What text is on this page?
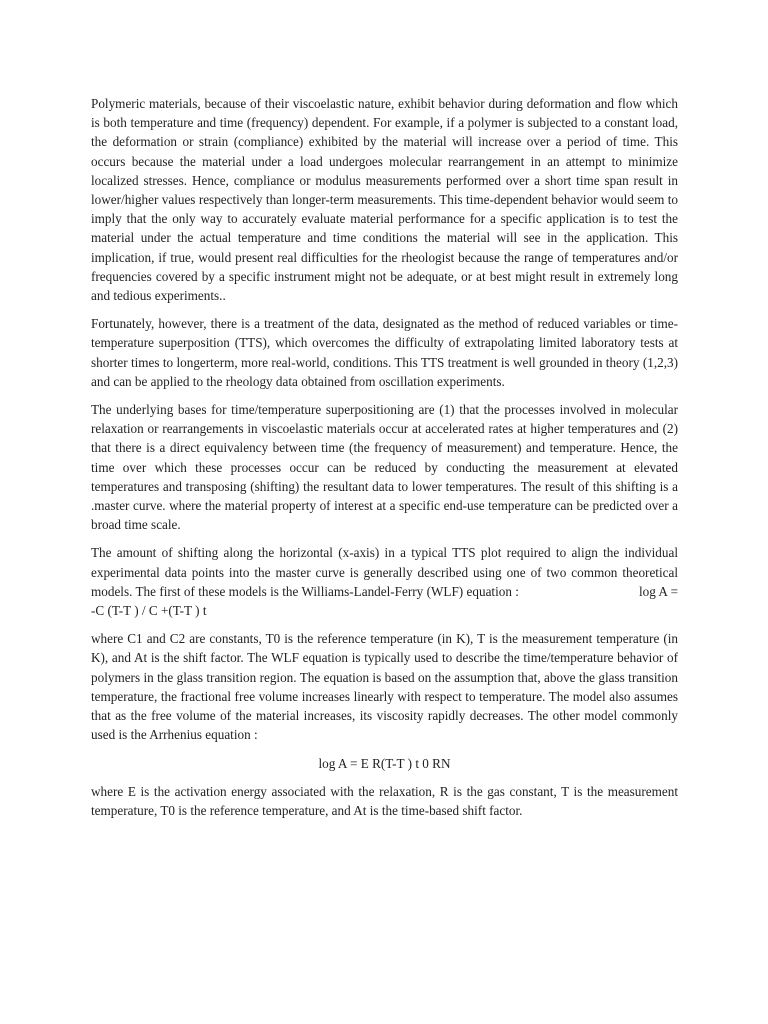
Polymeric materials, because of their viscoelastic nature, exhibit behavior during deformation and flow which is both temperature and time (frequency) dependent. For example, if a polymer is subjected to a constant load, the deformation or strain (compliance) exhibited by the material will increase over a period of time. This occurs because the material under a load undergoes molecular rearrangement in an attempt to minimize localized stresses. Hence, compliance or modulus measurements performed over a short time span result in lower/higher values respectively than longer-term measurements. This time-dependent behavior would seem to imply that the only way to accurately evaluate material performance for a specific application is to test the material under the actual temperature and time conditions the material will see in the application. This implication, if true, would present real difficulties for the rheologist because the range of temperatures and/or frequencies covered by a specific instrument might not be adequate, or at best might result in extremely long and tedious experiments..

Fortunately, however, there is a treatment of the data, designated as the method of reduced variables or time-temperature superposition (TTS), which overcomes the difficulty of extrapolating limited laboratory tests at shorter times to longerterm, more real-world, conditions. This TTS treatment is well grounded in theory (1,2,3) and can be applied to the rheology data obtained from oscillation experiments.

The underlying bases for time/temperature superpositioning are (1) that the processes involved in molecular relaxation or rearrangements in viscoelastic materials occur at accelerated rates at higher temperatures and (2) that there is a direct equivalency between time (the frequency of measurement) and temperature. Hence, the time over which these processes occur can be reduced by conducting the measurement at elevated temperatures and transposing (shifting) the resultant data to lower temperatures. The result of this shifting is a .master curve. where the material property of interest at a specific end-use temperature can be predicted over a broad time scale.

The amount of shifting along the horizontal (x-axis) in a typical TTS plot required to align the individual experimental data points into the master curve is generally described using one of two common theoretical models. The first of these models is the Williams-Landel-Ferry (WLF) equation :	log A = -C (T-T ) / C +(T-T ) t

where C1 and C2 are constants, T0 is the reference temperature (in K), T is the measurement temperature (in K), and At is the shift factor. The WLF equation is typically used to describe the time/temperature behavior of polymers in the glass transition region. The equation is based on the assumption that, above the glass transition temperature, the fractional free volume increases linearly with respect to temperature. The model also assumes that as the free volume of the material increases, its viscosity rapidly decreases. The other model commonly used is the Arrhenius equation :

log A = E R(T-T ) t 0 RN

where E is the activation energy associated with the relaxation, R is the gas constant, T is the measurement temperature, T0 is the reference temperature, and At is the time-based shift factor.
